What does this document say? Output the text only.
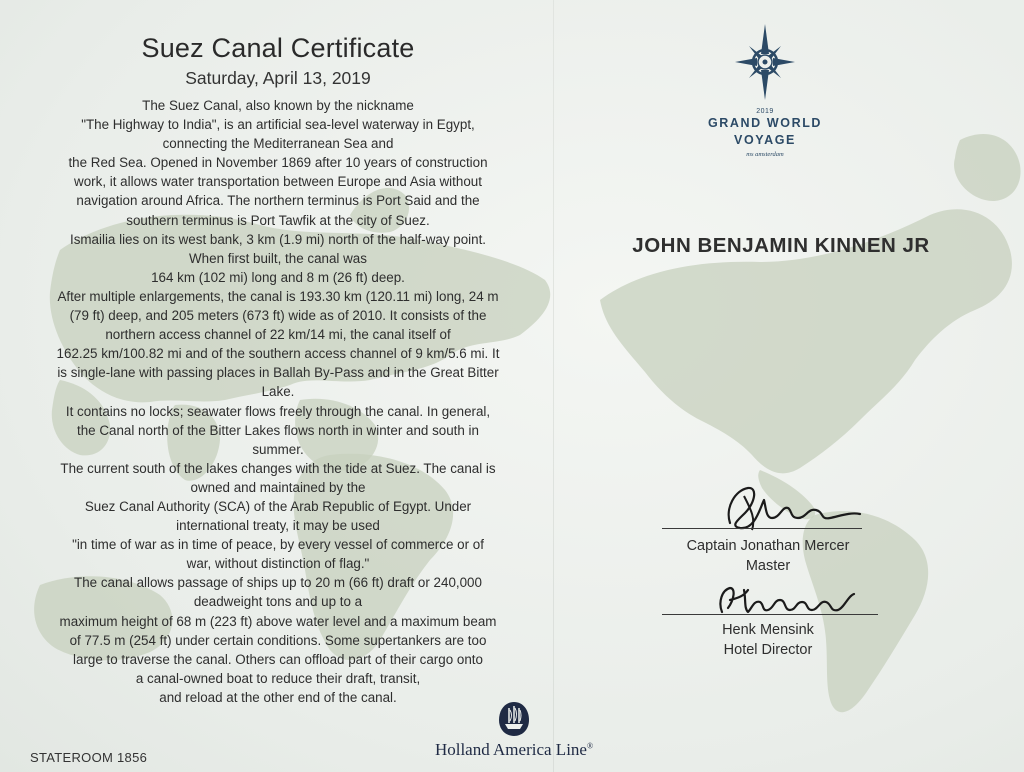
Suez Canal Certificate
Saturday, April 13, 2019
The Suez Canal, also known by the nickname
"The Highway to India", is an artificial sea-level waterway in Egypt,
connecting the Mediterranean Sea and
the Red Sea. Opened in November 1869 after 10 years of construction
work, it allows water transportation between Europe and Asia without
navigation around Africa. The northern terminus is Port Said and the
southern terminus is Port Tawfik at the city of Suez.
Ismailia lies on its west bank, 3 km (1.9 mi) north of the half-way point.
When first built, the canal was
164 km (102 mi) long and 8 m (26 ft) deep.
After multiple enlargements, the canal is 193.30 km (120.11 mi) long, 24 m
(79 ft) deep, and 205 meters (673 ft) wide as of 2010. It consists of the
northern access channel of 22 km/14 mi, the canal itself of
162.25 km/100.82 mi and of the southern access channel of 9 km/5.6 mi. It
is single-lane with passing places in Ballah By-Pass and in the Great Bitter
Lake.
It contains no locks; seawater flows freely through the canal. In general,
the Canal north of the Bitter Lakes flows north in winter and south in
summer.
The current south of the lakes changes with the tide at Suez. The canal is
owned and maintained by the
Suez Canal Authority (SCA) of the Arab Republic of Egypt. Under
international treaty, it may be used
"in time of war as in time of peace, by every vessel of commerce or of
war, without distinction of flag."
The canal allows passage of ships up to 20 m (66 ft) draft or 240,000
deadweight tons and up to a
maximum height of 68 m (223 ft) above water level and a maximum beam
of 77.5 m (254 ft) under certain conditions. Some supertankers are too
large to traverse the canal. Others can offload part of their cargo onto
a canal-owned boat to reduce their draft, transit,
and reload at the other end of the canal.
STATEROOM 1856	Holland America Line®
2019
GRAND WORLD
VOYAGE
ms amsterdam
JOHN BENJAMIN KINNEN JR
Captain Jonathan Mercer
Master
Henk Mensink
Hotel Director
